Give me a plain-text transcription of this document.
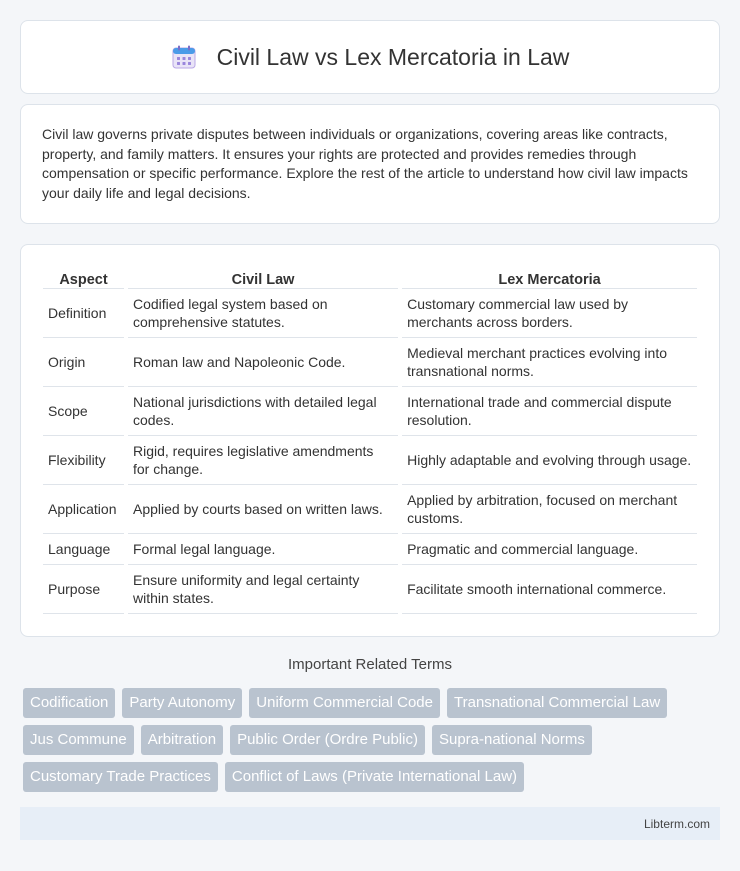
Civil Law vs Lex Mercatoria in Law

Civil law governs private disputes between individuals or organizations, covering areas like contracts, property, and family matters. It ensures your rights are protected and provides remedies through compensation or specific performance. Explore the rest of the article to understand how civil law impacts your daily life and legal decisions.

Aspect	Civil Law	Lex Mercatoria
Definition	Codified legal system based on comprehensive statutes.	Customary commercial law used by merchants across borders.
Origin	Roman law and Napoleonic Code.	Medieval merchant practices evolving into transnational norms.
Scope	National jurisdictions with detailed legal codes.	International trade and commercial dispute resolution.
Flexibility	Rigid, requires legislative amendments for change.	Highly adaptable and evolving through usage.
Application	Applied by courts based on written laws.	Applied by arbitration, focused on merchant customs.
Language	Formal legal language.	Pragmatic and commercial language.
Purpose	Ensure uniformity and legal certainty within states.	Facilitate smooth international commerce.
Important Related Terms
Codification	Party Autonomy	Uniform Commercial Code	Transnational Commercial Law
Jus Commune	Arbitration	Public Order (Ordre Public)	Supra-national Norms
Customary Trade Practices	Conflict of Laws (Private International Law)
Libterm.com
